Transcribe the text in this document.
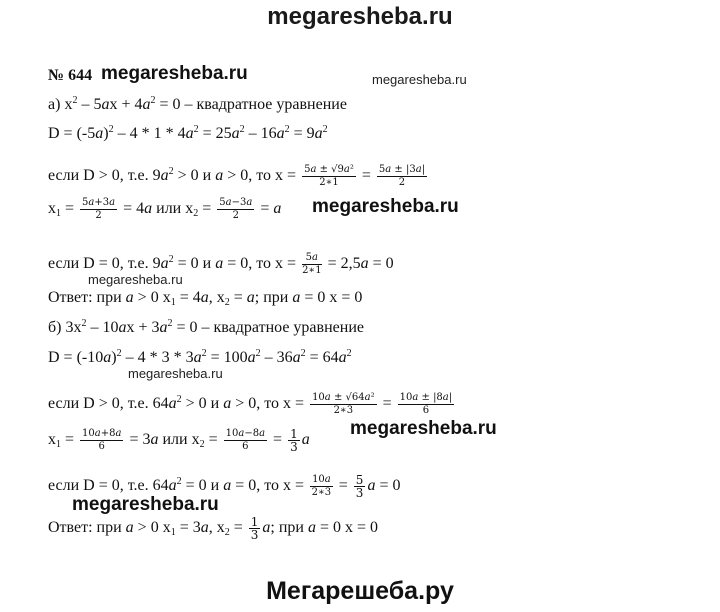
megaresheba.ru
№ 644 megaresheba.ru	megaresheba.ru
а) $x^2 - 5ax + 4a^2 = 0$ – квадратное уравнение
$D = (-5a)^2 - 4 * 1 * 4a^2 = 25a^2 - 16a^2 = 9a^2$
если D > 0, т.е. $9a^2 > 0$ и a > 0, то $x = \frac{\text{5a ± √9a²}}{2∗1} = \frac{5a \pm |3a|}{2}$
$x_1 = \frac{5a+3a}{2} = 4a$ или $x_2 = \frac{5a-3a}{2} = a$ megaresheba.ru
если D = 0, т.е. $9a^2 = 0$ и a = 0, то $x = \frac{5a}{2∗1} = 2,5a = 0$
megaresheba.ru
Ответ: при a > 0 $x_1 = 4a$, $x_2 = a$; при a = 0 x = 0
б) $3x^2 - 10ax + 3a^2 = 0$ – квадратное уравнение
$D = (-10a)^2 - 4 * 3 * 3a^2 = 100a^2 - 36a^2 = 64a^2$
megaresheba.ru
если D > 0, т.е. $64a^2 > 0$ и a > 0, то $x = \frac{\text{10a ± √64a²}}{2∗3} = \frac{10a \pm |8a|}{6}$
$x_1 = \frac{10a+8a}{6} = 3a$ или $x_2 = \frac{10a-8a}{6} = \frac{1}{3}$ a
megaresheba.ru
если D = 0, т.е. $64a^2 = 0$ и a = 0, то $x = \frac{10a}{2∗3} = \frac{5}{3}$ a = 0
megaresheba.ru
Ответ: при a > 0 $x_1 = 3a$, $x_2 = \frac{1}{3} a$; при a = 0 x = 0
Мегарешеба.ру
